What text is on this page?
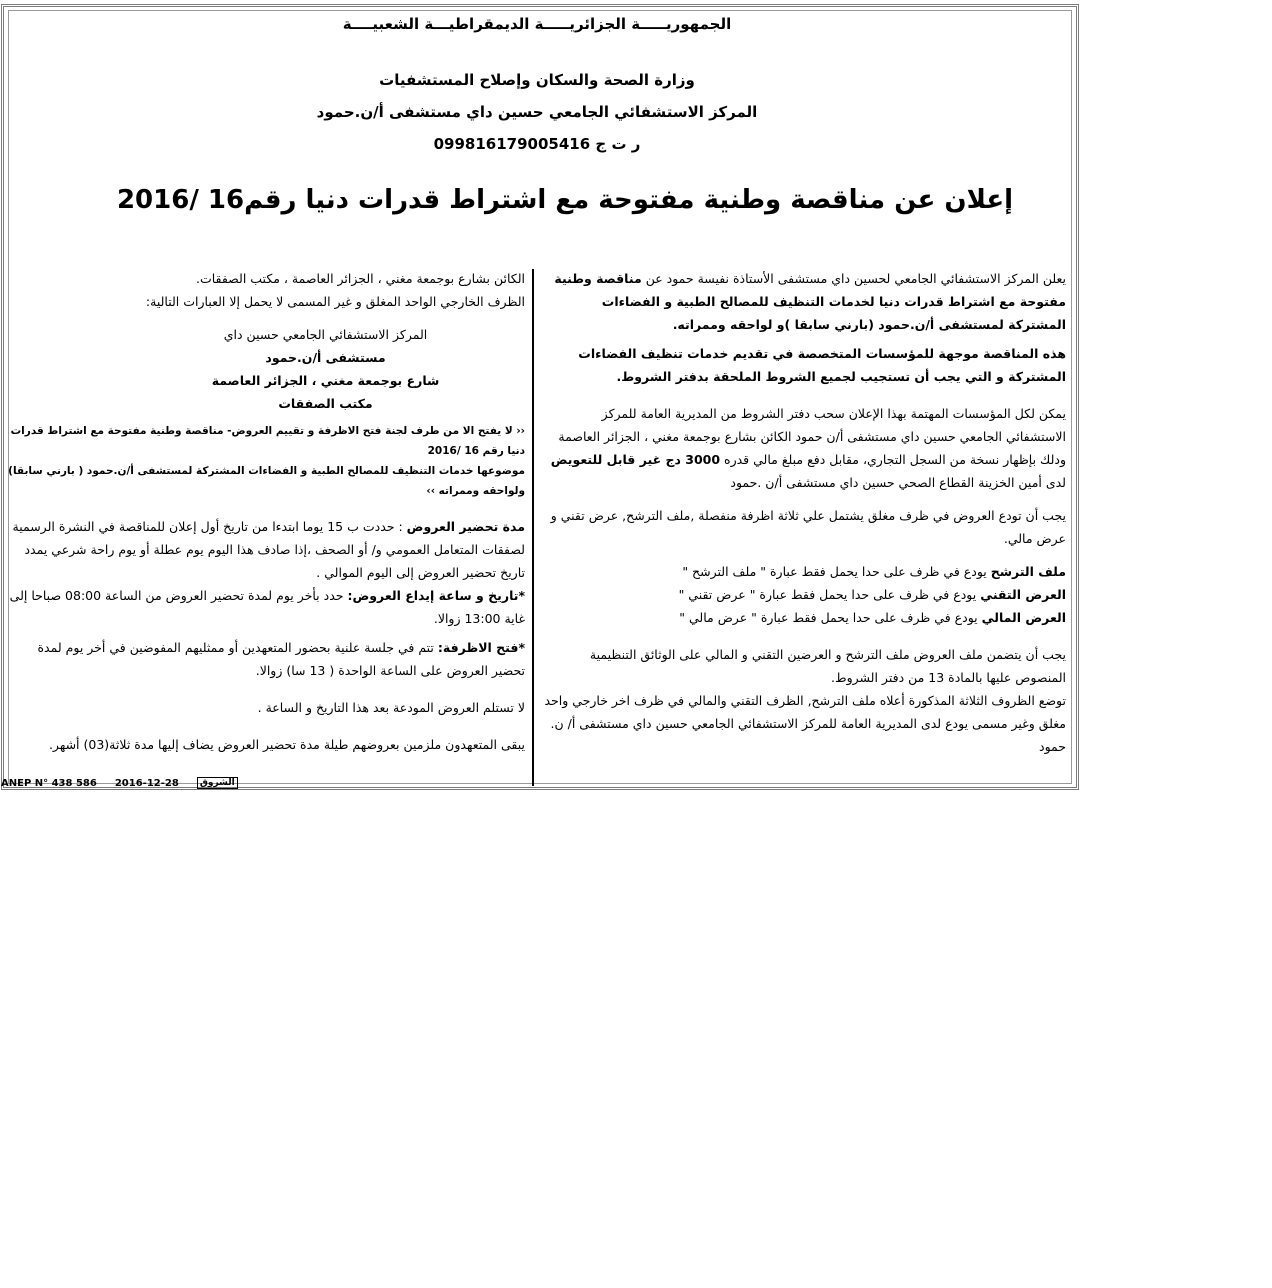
الجمهوريـــــة الجزائريـــــة الديمقراطيـــة الشعبيــــة
وزارة الصحة والسكان وإصلاح المستشفيات
المركز الاستشفائي الجامعي حسين داي مستشفى أ/ن.حمود
ر ت ج 099816179005416
إعلان عن مناقصة وطنية مفتوحة مع اشتراط قدرات دنيا رقم16 /2016

يعلن المركز الاستشفائي الجامعي لحسين داي مستشفى الأستاذة نفيسة حمود عن مناقصة وطنية مفتوحة مع اشتراط قدرات دنيا لخدمات التنظيف للمصالح الطبية و الفضاءات المشتركة لمستشفى أ/ن.حمود (بارني سابقا )و لواحقه وممراته.

هذه المناقصة موجهة للمؤسسات المتخصصة في تقديم خدمات تنظيف الفضاءات المشتركة و التي يجب أن تستجيب لجميع الشروط الملحقة بدفتر الشروط.

يمكن لكل المؤسسات المهتمة بهذا الإعلان سحب دفتر الشروط من المديرية العامة للمركز الاستشفائي الجامعي حسين داي مستشفى أ/ن حمود الكائن بشارع بوجمعة مغني ، الجزائر العاصمة ودلك بإظهار نسخة من السجل التجاري، مقابل دفع مبلغ مالي قدره 3000 دج غير قابل للتعويض لدى أمين الخزينة القطاع الصحي حسين داي مستشفى أ/ن .حمود

يجب أن تودع العروض في ظرف مغلق يشتمل علي ثلاثة اظرفة منفصلة ,ملف الترشح, عرض تقني و عرض مالي.

ملف الترشح يودع في ظرف على حدا يحمل فقط عبارة " ملف الترشح "

العرض التقني يودع في ظرف على حدا يحمل فقط عبارة " عرض تقني "

العرض المالي يودع في ظرف على حدا يحمل فقط عبارة " عرض مالي "

يجب أن يتضمن ملف العروض ملف الترشح و العرضين التقني و المالي على الوثائق التنظيمية المنصوص عليها بالمادة 13 من دفتر الشروط.

توضع الظروف الثلاثة المذكورة أعلاه ملف الترشح, الظرف التقني والمالي في ظرف اخر خارجي واحد مغلق وغير مسمى يودع لدى المديرية العامة للمركز الاستشفائي الجامعي حسين داي مستشفى أ/ ن. حمود

الكائن بشارع بوجمعة مغني ، الجزائر العاصمة ، مكتب الصفقات.

الظرف الخارجي الواحد المغلق و غير المسمى لا يحمل إلا العبارات التالية:

المركز الاستشفائي الجامعي حسين داي

مستشفى أ/ن.حمود

شارع بوجمعة مغني ، الجزائر العاصمة

مكتب الصفقات

‹‹ لا يفتح الا من طرف لجنة فتح الاظرفة و تقييم العروض- مناقصة وطنية مفتوحة مع اشتراط قدرات دنيا رقم 16 /2016

موضوعها خدمات التنظيف للمصالح الطبية و الفضاءات المشتركة لمستشفى أ/ن.حمود ( بارني سابقا) ولواحقه وممراته ››

مدة تحضير العروض : حددت ب 15 يوما ابتدءا من تاريخ أول إعلان للمناقصة في النشرة الرسمية لصفقات المتعامل العمومي و/ أو الصحف ،إذا صادف هذا اليوم يوم عطلة أو يوم راحة شرعي يمدد تاريخ تحضير العروض إلى اليوم الموالي .

*تاريخ و ساعة إيداع العروض: حدد بأخر يوم لمدة تحضير العروض من الساعة 08:00 صباحا إلى غاية 13:00 زوالا.

*فتح الاظرفة: تتم في جلسة علنية بحضور المتعهدين أو ممثليهم المفوضين في أخر يوم لمدة تحضير العروض على الساعة الواحدة ( 13 سا) زوالا.

لا تستلم العروض المودعة بعد هذا التاريخ و الساعة .

يبقى المتعهدون ملزمين بعروضهم طيلة مدة تحضير العروض يضاف إليها مدة ثلاثة(03) أشهر.

ANEP N° 438 586 2016-12-28	الشروق
